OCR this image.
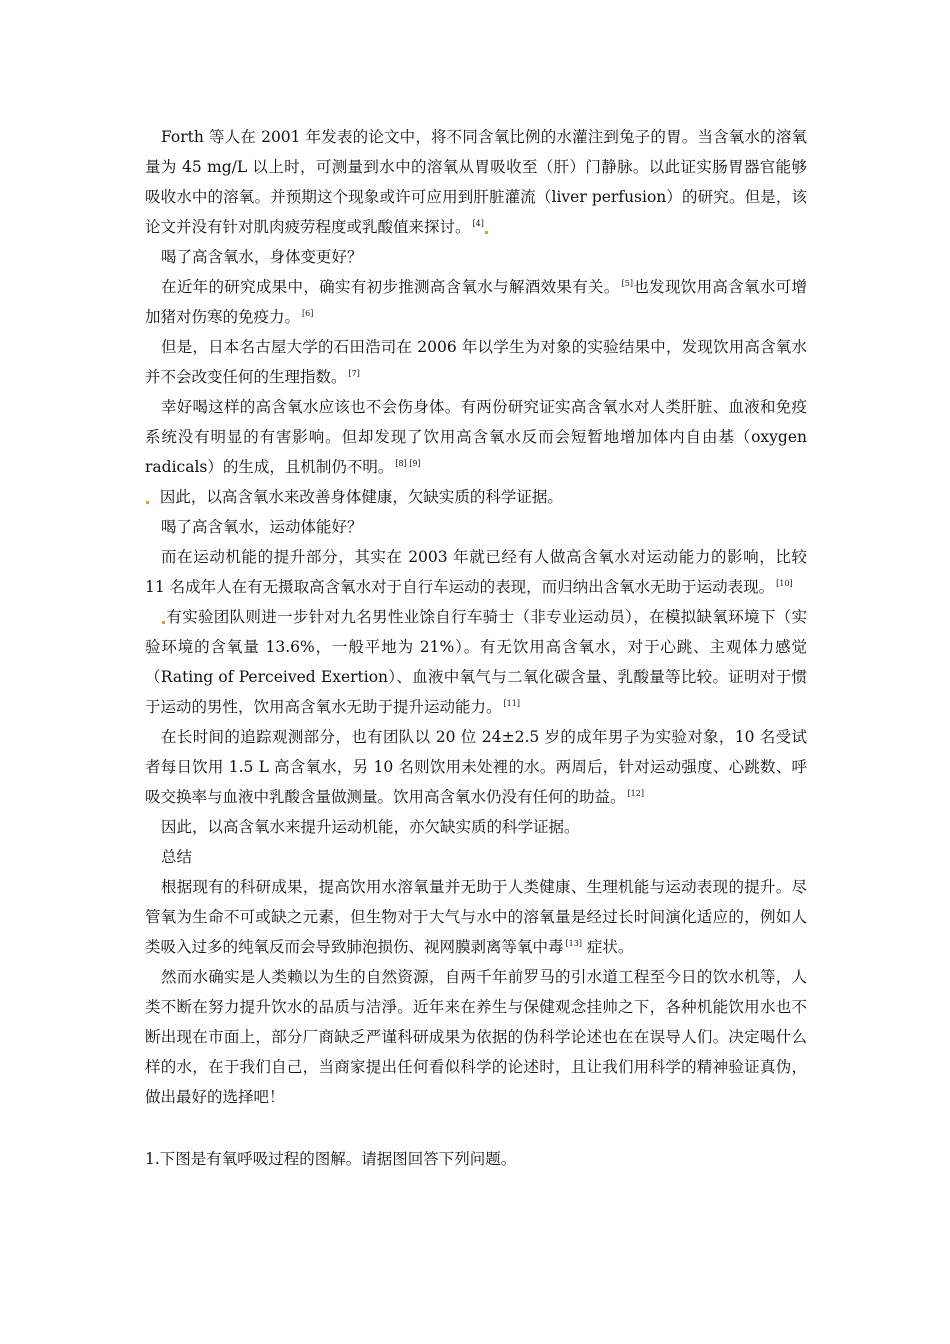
Forth 等人在 2001 年发表的论文中，将不同含氧比例的水灌注到兔子的胃。当含氧水的溶氧量为 45 mg/L 以上时，可测量到水中的溶氧从胃吸收至（肝）门静脉。以此证实肠胃器官能够吸收水中的溶氧。并预期这个现象或许可应用到肝脏灌流（liver perfusion）的研究。但是，该论文并没有针对肌肉疲劳程度或乳酸值来探讨。 [4]

喝了高含氧水，身体变更好？

在近年的研究成果中，确实有初步推测高含氧水与解酒效果有关。 [5]也发现饮用高含氧水可增加猪对伤寒的免疫力。 [6]

但是，日本名古屋大学的石田浩司在 2006 年以学生为对象的实验结果中，发现饮用高含氧水并不会改变任何的生理指数。 [7]

幸好喝这样的高含氧水应该也不会伤身体。有两份研究证实高含氧水对人类肝脏、血液和免疫系统没有明显的有害影响。但却发现了饮用高含氧水反而会短暂地增加体内自由基（oxygen radicals）的生成，且机制仍不明。 [8] [9]

因此，以高含氧水来改善身体健康，欠缺实质的科学证据。

喝了高含氧水，运动体能好？

而在运动机能的提升部分，其实在 2003 年就已经有人做高含氧水对运动能力的影响，比较 11 名成年人在有无摄取高含氧水对于自行车运动的表现，而归纳出含氧水无助于运动表现。 [10]

有实验团队则进一步针对九名男性业馀自行车骑士（非专业运动员），在模拟缺氧环境下（实验环境的含氧量 13.6%，一般平地为 21%）。有无饮用高含氧水，对于心跳、主观体力感觉（Rating of Perceived Exertion）、血液中氧气与二氧化碳含量、乳酸量等比较。证明对于惯于运动的男性，饮用高含氧水无助于提升运动能力。 [11]

在长时间的追踪观测部分，也有团队以 20 位 24±2.5 岁的成年男子为实验对象，10 名受试者每日饮用 1.5 L 高含氧水，另 10 名则饮用未处裡的水。两周后，针对运动强度、心跳数、呼吸交换率与血液中乳酸含量做测量。饮用高含氧水仍没有任何的助益。 [12]

因此，以高含氧水来提升运动机能，亦欠缺实质的科学证据。

总结

根据现有的科研成果，提高饮用水溶氧量并无助于人类健康、生理机能与运动表现的提升。尽管氧为生命不可或缺之元素，但生物对于大气与水中的溶氧量是经过长时间演化适应的，例如人类吸入过多的纯氧反而会导致肺泡损伤、视网膜剥离等氧中毒 [13] 症状。

然而水确实是人类赖以为生的自然资源，自两千年前罗马的引水道工程至今日的饮水机等，人类不断在努力提升饮水的品质与洁淨。近年来在养生与保健观念挂帅之下，各种机能饮用水也不断出现在市面上，部分厂商缺乏严谨科研成果为依据的伪科学论述也在在误导人们。决定喝什么样的水，在于我们自己，当商家提出任何看似科学的论述时，且让我们用科学的精神验证真伪，做出最好的选择吧！

1.下图是有氧呼吸过程的图解。请据图回答下列问题。
